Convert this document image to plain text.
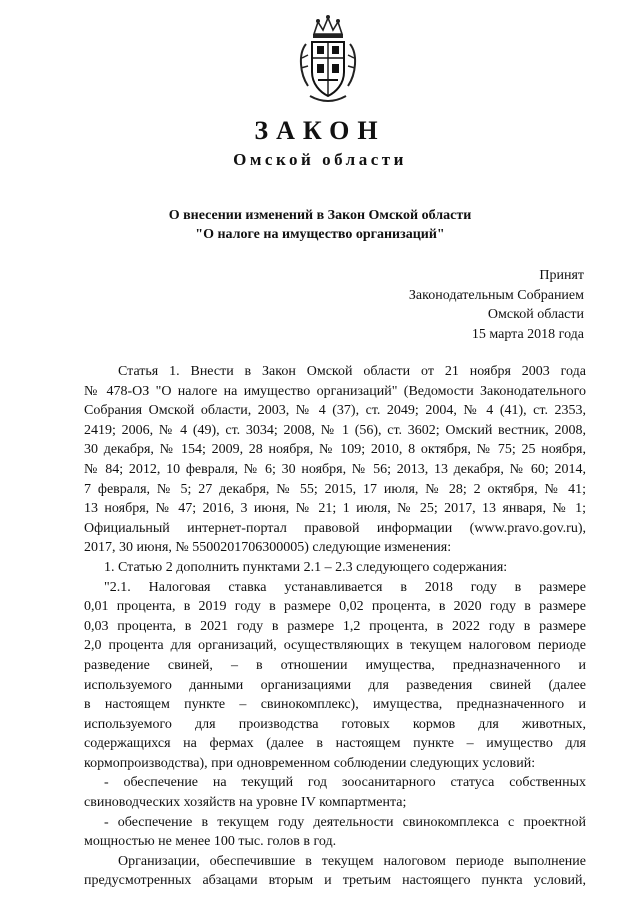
ЗАКОН
Омской области
О внесении изменений в Закон Омской области
"О налоге на имущество организаций"
Принят
Законодательным Собранием
Омской области
15 марта 2018 года
Статья 1. Внести в Закон Омской области от 21 ноября 2003 года
№ 478-ОЗ "О налоге на имущество организаций" (Ведомости Законодательного
Собрания Омской области, 2003, № 4 (37), ст. 2049; 2004, № 4 (41), ст. 2353,
2419; 2006, № 4 (49), ст. 3034; 2008, № 1 (56), ст. 3602; Омский вестник, 2008,
30 декабря, № 154; 2009, 28 ноября, № 109; 2010, 8 октября, № 75; 25 ноября,
№ 84; 2012, 10 февраля, № 6; 30 ноября, № 56; 2013, 13 декабря, № 60; 2014,
7 февраля, № 5; 27 декабря, № 55; 2015, 17 июля, № 28; 2 октября, № 41;
13 ноября, № 47; 2016, 3 июня, № 21; 1 июля, № 25; 2017, 13 января, № 1;
Официальный интернет-портал правовой информации (www.pravo.gov.ru),
2017, 30 июня, № 5500201706300005) следующие изменения:
1. Статью 2 дополнить пунктами 2.1 – 2.3 следующего содержания:
"2.1. Налоговая ставка устанавливается в 2018 году в размере
0,01 процента, в 2019 году в размере 0,02 процента, в 2020 году в размере
0,03 процента, в 2021 году в размере 1,2 процента, в 2022 году в размере
2,0 процента для организаций, осуществляющих в текущем налоговом периоде
разведение свиней, – в отношении имущества, предназначенного и
используемого данными организациями для разведения свиней (далее
в настоящем пункте – свинокомплекс), имущества, предназначенного и
используемого для производства готовых кормов для животных,
содержащихся на фермах (далее в настоящем пункте – имущество для
кормопроизводства), при одновременном соблюдении следующих условий:
- обеспечение на текущий год зоосанитарного статуса собственных
свиноводческих хозяйств на уровне IV компартмента;
- обеспечение в текущем году деятельности свинокомплекса с проектной
мощностью не менее 100 тыс. голов в год.
Организации, обеспечившие в текущем налоговом периоде выполнение
предусмотренных абзацами вторым и третьим настоящего пункта условий,
